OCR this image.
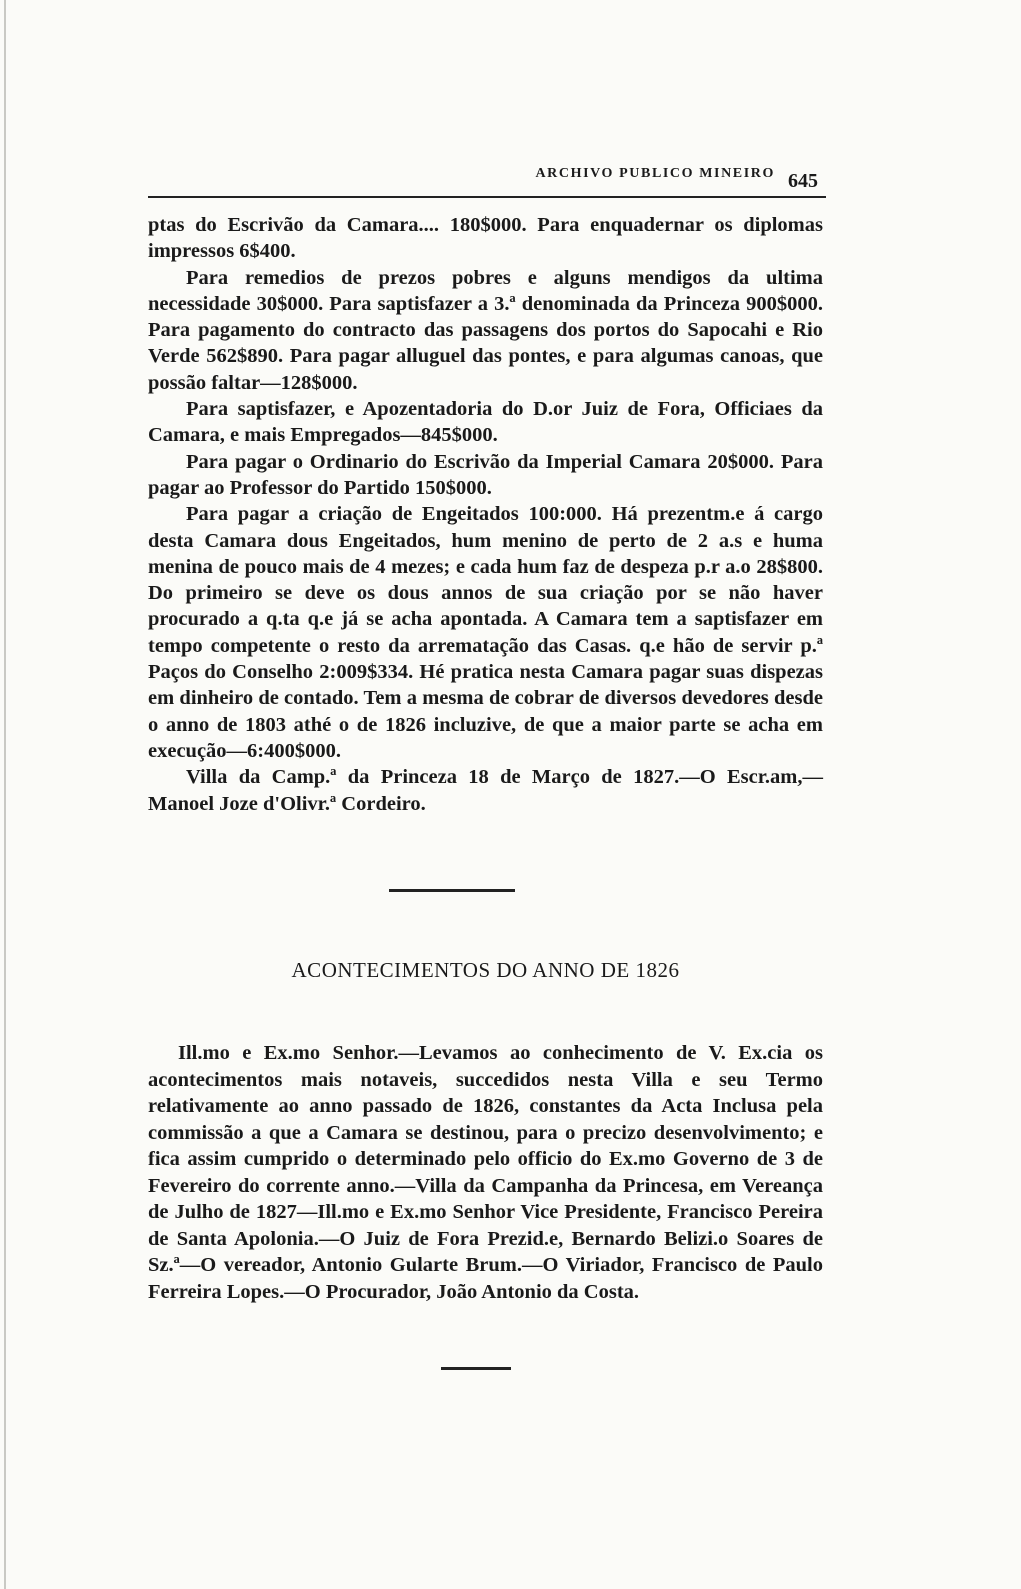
ARCHIVO PUBLICO MINEIRO 645

ptas do Escrivão da Camara.... 180$000. Para enquadernar os diplomas impressos 6$400.

Para remedios de prezos pobres e alguns mendigos da ultima necessidade 30$000. Para saptisfazer a 3.ª denominada da Princeza 900$000. Para pagamento do contracto das passagens dos portos do Sapocahi e Rio Verde 562$890. Para pagar alluguel das pontes, e para algumas canoas, que possão faltar—128$000.

Para saptisfazer, e Apozentadoria do D.or Juiz de Fora, Officiaes da Camara, e mais Empregados—845$000.

Para pagar o Ordinario do Escrivão da Imperial Camara 20$000. Para pagar ao Professor do Partido 150$000.

Para pagar a criação de Engeitados 100:000. Há prezentm.e á cargo desta Camara dous Engeitados, hum menino de perto de 2 a.s e huma menina de pouco mais de 4 mezes; e cada hum faz de despeza p.r a.o 28$800. Do primeiro se deve os dous annos de sua criação por se não haver procurado a q.ta q.e já se acha apontada. A Camara tem a saptisfazer em tempo competente o resto da arrematação das Casas. q.e hão de servir p.ª Paços do Conselho 2:009$334. Hé pratica nesta Camara pagar suas dispezas em dinheiro de contado. Tem a mesma de cobrar de diversos devedores desde o anno de 1803 athé o de 1826 incluzive, de que a maior parte se acha em execução—6:400$000.

Villa da Camp.ª da Princeza 18 de Março de 1827.—O Escr.am,—Manoel Joze d'Olivr.ª Cordeiro.

ACONTECIMENTOS DO ANNO DE 1826

Ill.mo e Ex.mo Senhor.—Levamos ao conhecimento de V. Ex.cia os acontecimentos mais notaveis, succedidos nesta Villa e seu Termo relativamente ao anno passado de 1826, constantes da Acta Inclusa pela commissão a que a Camara se destinou, para o precizo desenvolvimento; e fica assim cumprido o determinado pelo officio do Ex.mo Governo de 3 de Fevereiro do corrente anno.—Villa da Campanha da Princesa, em Vereança de Julho de 1827—Ill.mo e Ex.mo Senhor Vice Presidente, Francisco Pereira de Santa Apolonia.—O Juiz de Fora Prezid.e, Bernardo Belizi.o Soares de Sz.ª—O vereador, Antonio Gularte Brum.—O Viriador, Francisco de Paulo Ferreira Lopes.—O Procurador, João Antonio da Costa.
